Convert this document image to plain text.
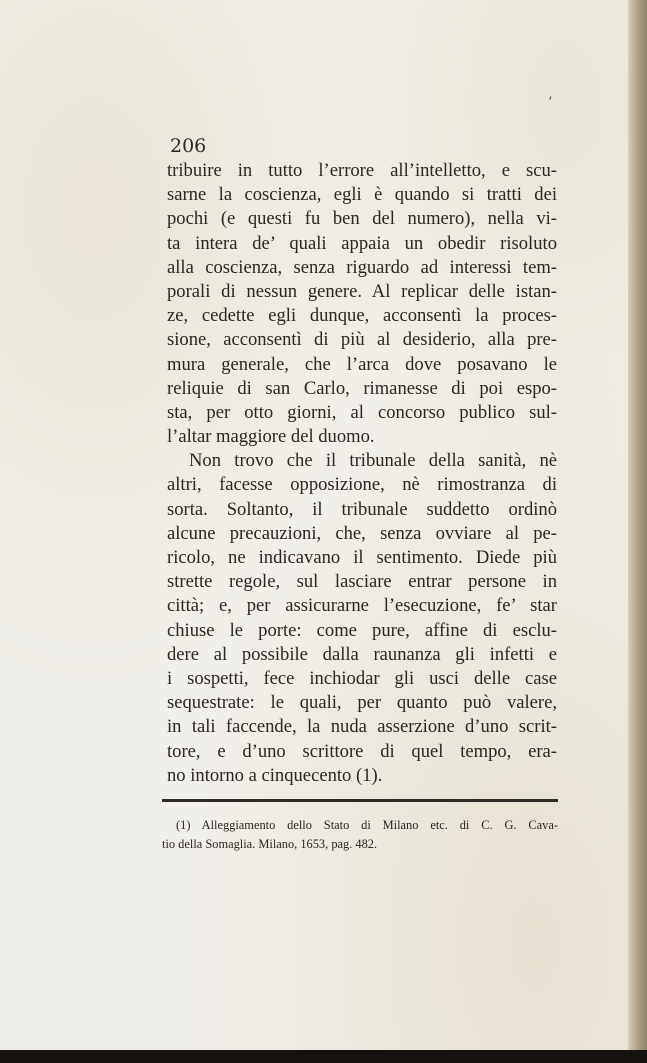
’
206
tribuire in tutto l’errore all’intelletto, e scu-
sarne la coscienza, egli è quando si tratti dei
pochi (e questi fu ben del numero), nella vi-
ta intera de’ quali appaia un obedir risoluto
alla coscienza, senza riguardo ad interessi tem-
porali di nessun genere. Al replicar delle istan-
ze, cedette egli dunque, acconsentì la proces-
sione, acconsentì di più al desiderio, alla pre-
mura generale, che l’arca dove posavano le
reliquie di san Carlo, rimanesse di poi espo-
sta, per otto giorni, al concorso publico sul-
l’altar maggiore del duomo.
Non trovo che il tribunale della sanità, nè
altri, facesse opposizione, nè rimostranza di
sorta. Soltanto, il tribunale suddetto ordinò
alcune precauzioni, che, senza ovviare al pe-
ricolo, ne indicavano il sentimento. Diede più
strette regole, sul lasciare entrar persone in
città; e, per assicurarne l’esecuzione, fe’ star
chiuse le porte: come pure, affine di esclu-
dere al possibile dalla raunanza gli infetti e
i sospetti, fece inchiodar gli usci delle case
sequestrate: le quali, per quanto può valere,
in tali faccende, la nuda asserzione d’uno scrit-
tore, e d’uno scrittore di quel tempo, era-
no intorno a cinquecento (1).
(1) Alleggiamento dello Stato di Milano etc. di C. G. Cava-
tio della Somaglia. Milano, 1653, pag. 482.
